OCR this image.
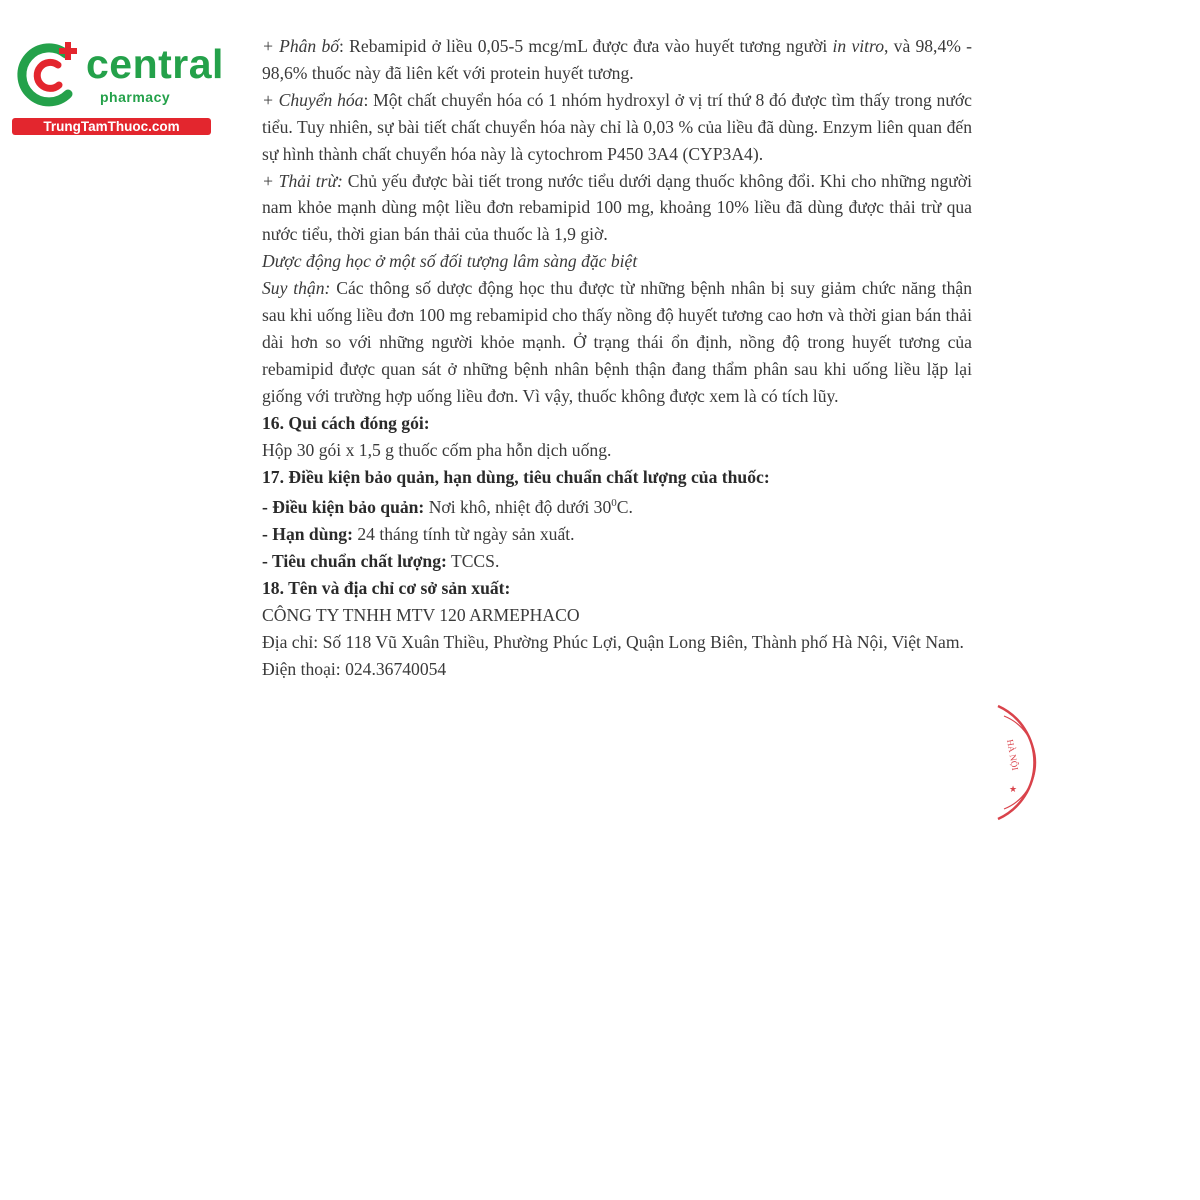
central
pharmacy
TrungTamThuoc.com

+ Phân bố: Rebamipid ở liều 0,05-5 mcg/mL được đưa vào huyết tương người in vitro, và 98,4% - 98,6% thuốc này đã liên kết với protein huyết tương.

+ Chuyển hóa: Một chất chuyển hóa có 1 nhóm hydroxyl ở vị trí thứ 8 đó được tìm thấy trong nước tiểu. Tuy nhiên, sự bài tiết chất chuyển hóa này chỉ là 0,03 % của liều đã dùng. Enzym liên quan đến sự hình thành chất chuyển hóa này là cytochrom P450 3A4 (CYP3A4).

+ Thải trừ: Chủ yếu được bài tiết trong nước tiểu dưới dạng thuốc không đổi. Khi cho những người nam khỏe mạnh dùng một liều đơn rebamipid 100 mg, khoảng 10% liều đã dùng được thải trừ qua nước tiểu, thời gian bán thải của thuốc là 1,9 giờ.

Dược động học ở một số đối tượng lâm sàng đặc biệt

Suy thận: Các thông số dược động học thu được từ những bệnh nhân bị suy giảm chức năng thận sau khi uống liều đơn 100 mg rebamipid cho thấy nồng độ huyết tương cao hơn và thời gian bán thải dài hơn so với những người khỏe mạnh. Ở trạng thái ổn định, nồng độ trong huyết tương của rebamipid được quan sát ở những bệnh nhân bệnh thận đang thẩm phân sau khi uống liều lặp lại giống với trường hợp uống liều đơn. Vì vậy, thuốc không được xem là có tích lũy.

16. Qui cách đóng gói:

Hộp 30 gói x 1,5 g thuốc cốm pha hỗn dịch uống.

17. Điều kiện bảo quản, hạn dùng, tiêu chuẩn chất lượng của thuốc:

- Điều kiện bảo quản: Nơi khô, nhiệt độ dưới $30^0C$.

- Hạn dùng: 24 tháng tính từ ngày sản xuất.

- Tiêu chuẩn chất lượng: TCCS.

18. Tên và địa chỉ cơ sở sản xuất:

CÔNG TY TNHH MTV 120 ARMEPHACO

Địa chỉ: Số 118 Vũ Xuân Thiều, Phường Phúc Lợi, Quận Long Biên, Thành phố Hà Nội, Việt Nam.

Điện thoại: 024.36740054

HÀ NỘI
★
